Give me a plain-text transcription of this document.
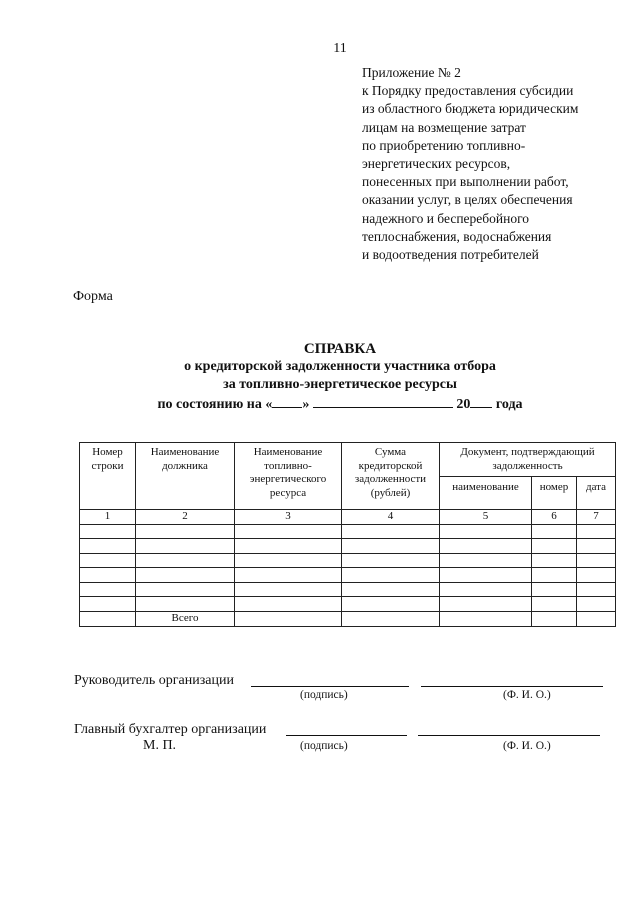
11
Приложение № 2
к Порядку предоставления субсидии
из областного бюджета юридическим
лицам на возмещение затрат
по приобретению топливно-
энергетических ресурсов,
понесенных при выполнении работ,
оказании услуг, в целях обеспечения
надежного и бесперебойного
теплоснабжения, водоснабжения
и водоотведения потребителей
Форма
СПРАВКА
о кредиторской задолженности участника отбора
за топливно-энергетическое ресурсы
по состоянию на « »	20 года
Номер строки	Наименование должника	Наименование топливно-энергетического ресурса	Сумма кредиторской задолженности (рублей)	Документ, подтверждающий задолженность		
				наименование	номер	дата
1	2	3	4	5	6	7

	Всего					
Руководитель организации
(подпись)	(Ф. И. О.)
Главный бухгалтер организации
М. П.	(подпись)	(Ф. И. О.)
